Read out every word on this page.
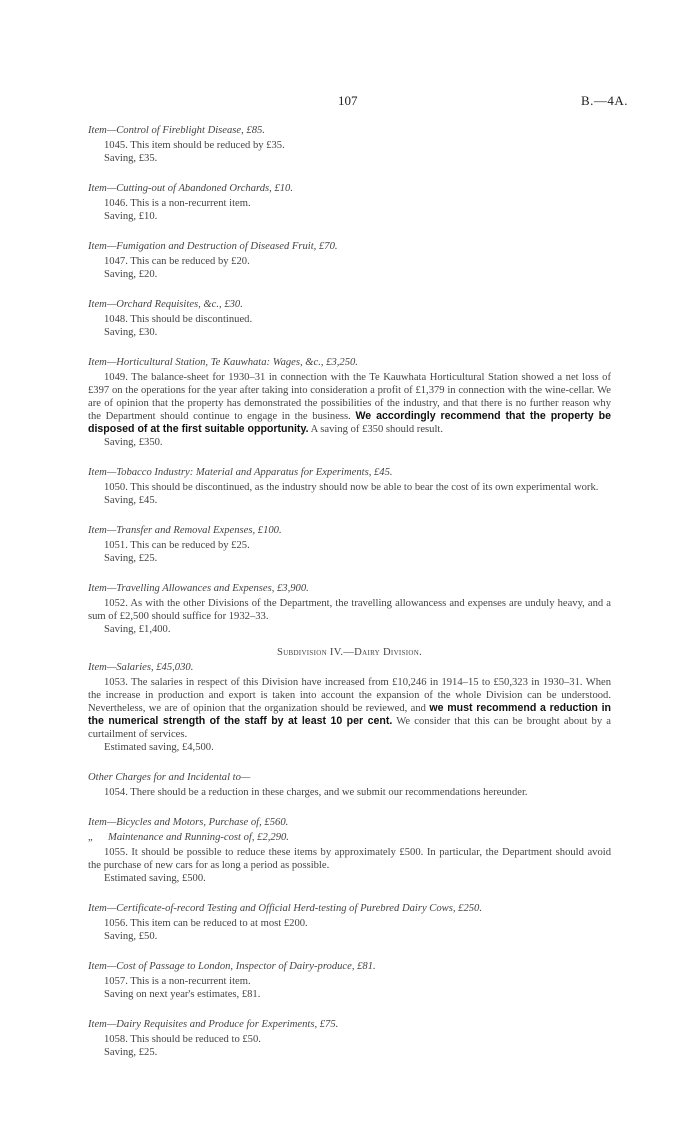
107	B.—4A.
Item—Control of Fireblight Disease, £85.

1045. This item should be reduced by £35.

Saving, £35.
Item—Cutting-out of Abandoned Orchards, £10.

1046. This is a non-recurrent item.

Saving, £10.
Item—Fumigation and Destruction of Diseased Fruit, £70.

1047. This can be reduced by £20.

Saving, £20.
Item—Orchard Requisites, &c., £30.

1048. This should be discontinued.

Saving, £30.
Item—Horticultural Station, Te Kauwhata: Wages, &c., £3,250.

1049. The balance-sheet for 1930–31 in connection with the Te Kauwhata Horticultural Station showed a net loss of £397 on the operations for the year after taking into consideration a profit of £1,379 in connection with the wine-cellar. We are of opinion that the property has demonstrated the possibilities of the industry, and that there is no further reason why the Department should continue to engage in the business. We accordingly recommend that the property be disposed of at the first suitable opportunity. A saving of £350 should result.

Saving, £350.
Item—Tobacco Industry: Material and Apparatus for Experiments, £45.

1050. This should be discontinued, as the industry should now be able to bear the cost of its own experimental work.

Saving, £45.
Item—Transfer and Removal Expenses, £100.

1051. This can be reduced by £25.

Saving, £25.
Item—Travelling Allowances and Expenses, £3,900.

1052. As with the other Divisions of the Department, the travelling allowancess and expenses are unduly heavy, and a sum of £2,500 should suffice for 1932–33.

Saving, £1,400.
Subdivision IV.—Dairy Division.
Item—Salaries, £45,030.

1053. The salaries in respect of this Division have increased from £10,246 in 1914–15 to £50,323 in 1930–31. When the increase in production and export is taken into account the expansion of the whole Division can be understood. Nevertheless, we are of opinion that the organization should be reviewed, and we must recommend a reduction in the numerical strength of the staff by at least 10 per cent. We consider that this can be brought about by a curtailment of services.

Estimated saving, £4,500.
Other Charges for and Incidental to—

1054. There should be a reduction in these charges, and we submit our recommendations hereunder.

Item—Bicycles and Motors, Purchase of, £560.
„ Maintenance and Running-cost of, £2,290.

1055. It should be possible to reduce these items by approximately £500. In particular, the Department should avoid the purchase of new cars for as long a period as possible.

Estimated saving, £500.
Item—Certificate-of-record Testing and Official Herd-testing of Purebred Dairy Cows, £250.

1056. This item can be reduced to at most £200.

Saving, £50.
Item—Cost of Passage to London, Inspector of Dairy-produce, £81.

1057. This is a non-recurrent item.

Saving on next year's estimates, £81.
Item—Dairy Requisites and Produce for Experiments, £75.

1058. This should be reduced to £50.

Saving, £25.
